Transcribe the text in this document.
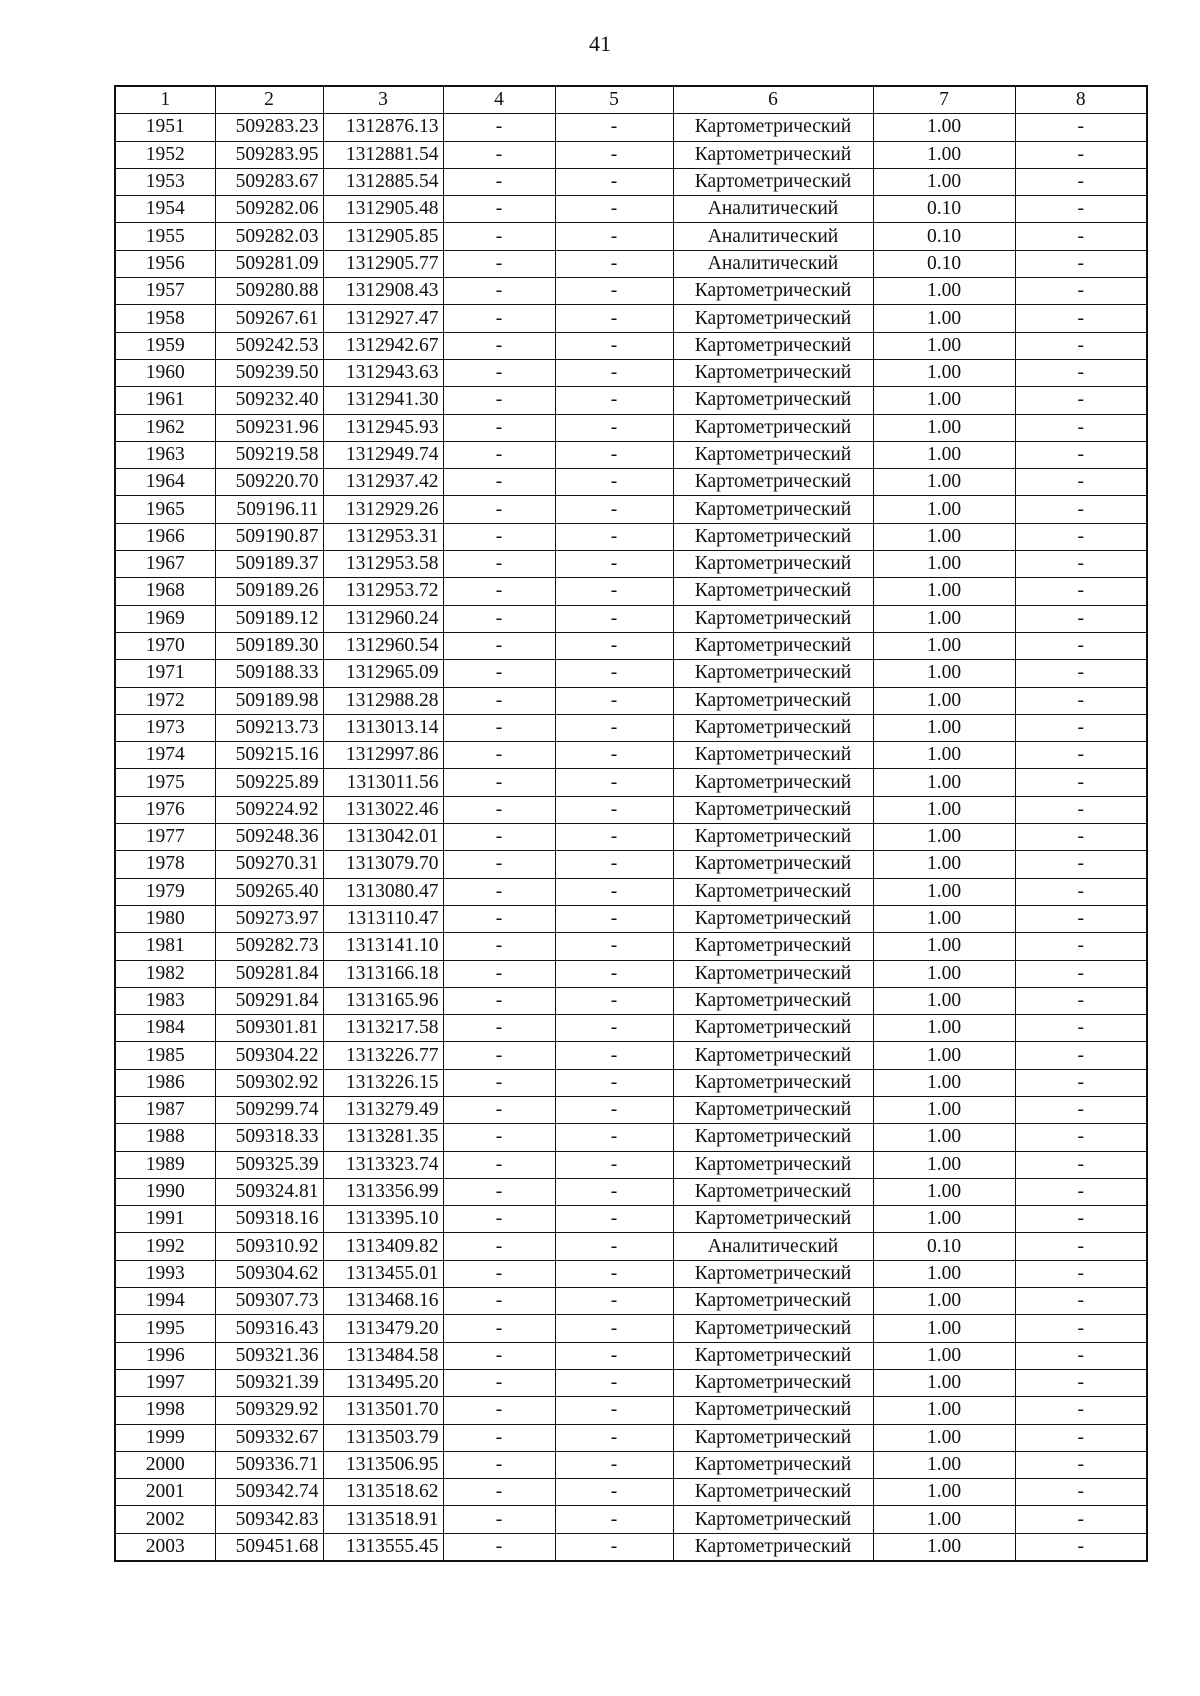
41
1	2	3	4	5	6	7	8
1951	509283.23	1312876.13	-	-	Картометрический	1.00	-
1952	509283.95	1312881.54	-	-	Картометрический	1.00	-
1953	509283.67	1312885.54	-	-	Картометрический	1.00	-
1954	509282.06	1312905.48	-	-	Аналитический	0.10	-
1955	509282.03	1312905.85	-	-	Аналитический	0.10	-
1956	509281.09	1312905.77	-	-	Аналитический	0.10	-
1957	509280.88	1312908.43	-	-	Картометрический	1.00	-
1958	509267.61	1312927.47	-	-	Картометрический	1.00	-
1959	509242.53	1312942.67	-	-	Картометрический	1.00	-
1960	509239.50	1312943.63	-	-	Картометрический	1.00	-
1961	509232.40	1312941.30	-	-	Картометрический	1.00	-
1962	509231.96	1312945.93	-	-	Картометрический	1.00	-
1963	509219.58	1312949.74	-	-	Картометрический	1.00	-
1964	509220.70	1312937.42	-	-	Картометрический	1.00	-
1965	509196.11	1312929.26	-	-	Картометрический	1.00	-
1966	509190.87	1312953.31	-	-	Картометрический	1.00	-
1967	509189.37	1312953.58	-	-	Картометрический	1.00	-
1968	509189.26	1312953.72	-	-	Картометрический	1.00	-
1969	509189.12	1312960.24	-	-	Картометрический	1.00	-
1970	509189.30	1312960.54	-	-	Картометрический	1.00	-
1971	509188.33	1312965.09	-	-	Картометрический	1.00	-
1972	509189.98	1312988.28	-	-	Картометрический	1.00	-
1973	509213.73	1313013.14	-	-	Картометрический	1.00	-
1974	509215.16	1312997.86	-	-	Картометрический	1.00	-
1975	509225.89	1313011.56	-	-	Картометрический	1.00	-
1976	509224.92	1313022.46	-	-	Картометрический	1.00	-
1977	509248.36	1313042.01	-	-	Картометрический	1.00	-
1978	509270.31	1313079.70	-	-	Картометрический	1.00	-
1979	509265.40	1313080.47	-	-	Картометрический	1.00	-
1980	509273.97	1313110.47	-	-	Картометрический	1.00	-
1981	509282.73	1313141.10	-	-	Картометрический	1.00	-
1982	509281.84	1313166.18	-	-	Картометрический	1.00	-
1983	509291.84	1313165.96	-	-	Картометрический	1.00	-
1984	509301.81	1313217.58	-	-	Картометрический	1.00	-
1985	509304.22	1313226.77	-	-	Картометрический	1.00	-
1986	509302.92	1313226.15	-	-	Картометрический	1.00	-
1987	509299.74	1313279.49	-	-	Картометрический	1.00	-
1988	509318.33	1313281.35	-	-	Картометрический	1.00	-
1989	509325.39	1313323.74	-	-	Картометрический	1.00	-
1990	509324.81	1313356.99	-	-	Картометрический	1.00	-
1991	509318.16	1313395.10	-	-	Картометрический	1.00	-
1992	509310.92	1313409.82	-	-	Аналитический	0.10	-
1993	509304.62	1313455.01	-	-	Картометрический	1.00	-
1994	509307.73	1313468.16	-	-	Картометрический	1.00	-
1995	509316.43	1313479.20	-	-	Картометрический	1.00	-
1996	509321.36	1313484.58	-	-	Картометрический	1.00	-
1997	509321.39	1313495.20	-	-	Картометрический	1.00	-
1998	509329.92	1313501.70	-	-	Картометрический	1.00	-
1999	509332.67	1313503.79	-	-	Картометрический	1.00	-
2000	509336.71	1313506.95	-	-	Картометрический	1.00	-
2001	509342.74	1313518.62	-	-	Картометрический	1.00	-
2002	509342.83	1313518.91	-	-	Картометрический	1.00	-
2003	509451.68	1313555.45	-	-	Картометрический	1.00	-
